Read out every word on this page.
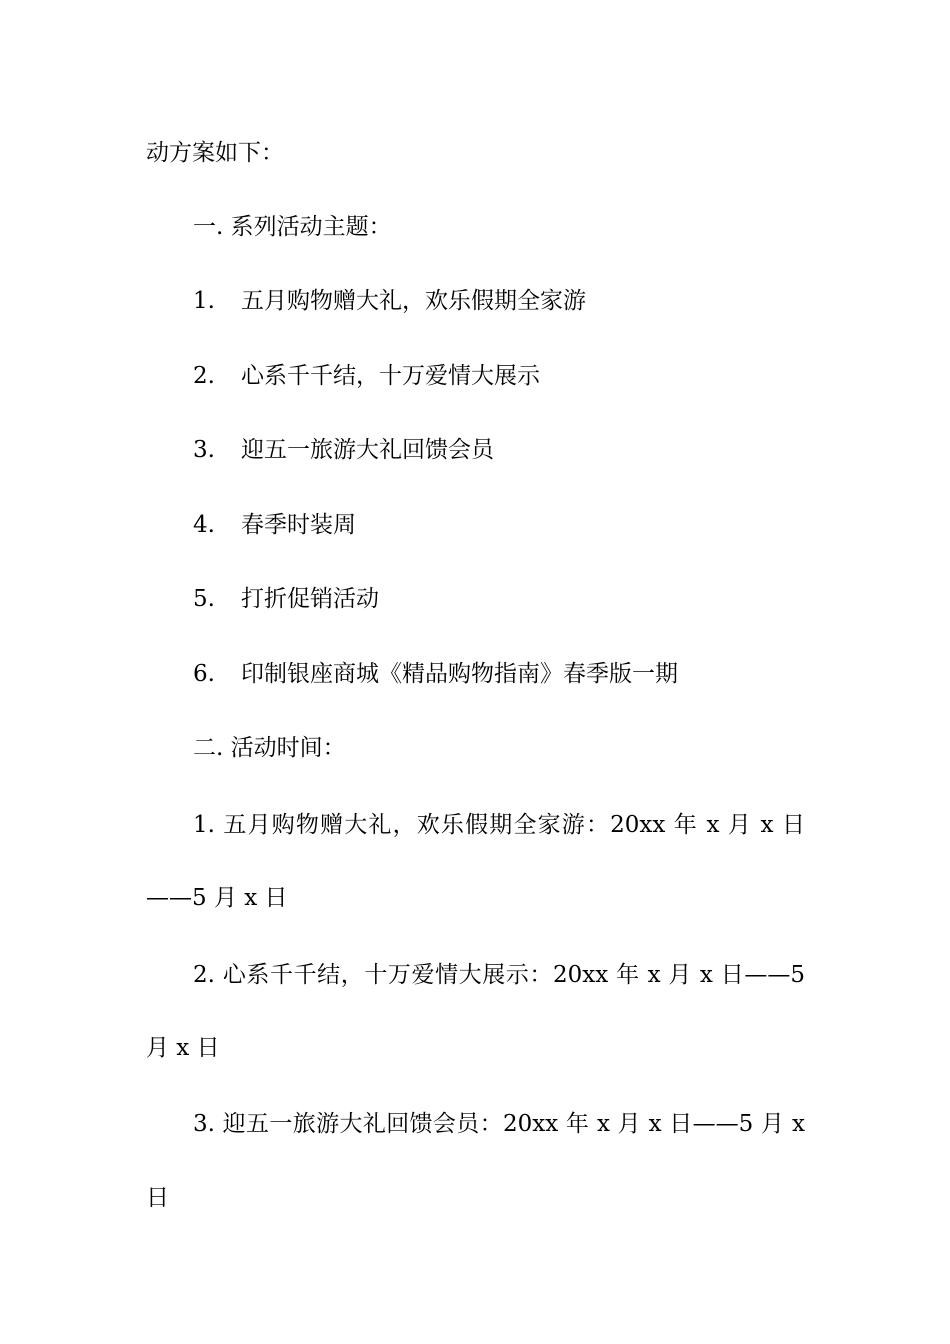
动方案如下：
一. 系列活动主题：
1. 五月购物赠大礼，欢乐假期全家游
2. 心系千千结，十万爱情大展示
3. 迎五一旅游大礼回馈会员
4. 春季时装周
5. 打折促销活动
6. 印制银座商城《精品购物指南》春季版一期
二. 活动时间：
1. 五月购物赠大礼，欢乐假期全家游：20xx 年 x 月 x 日
——5 月 x 日
2. 心系千千结，十万爱情大展示：20xx 年 x 月 x 日——5
月 x 日
3. 迎五一旅游大礼回馈会员：20xx 年 x 月 x 日——5 月 x
日
